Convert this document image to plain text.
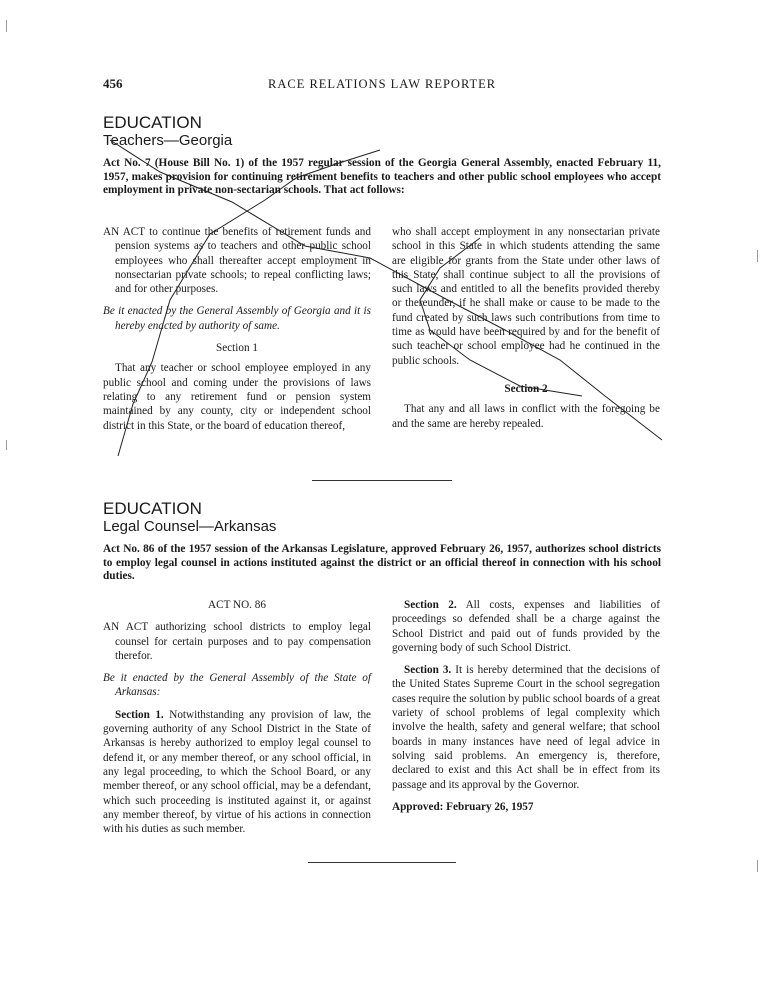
456	RACE RELATIONS LAW REPORTER
EDUCATION
Teachers—Georgia
Act No. 7 (House Bill No. 1) of the 1957 regular session of the Georgia General Assembly, enacted February 11, 1957, makes provision for continuing retirement benefits to teachers and other public school employees who accept employment in private non-sectarian schools. That act follows:

AN ACT to continue the benefits of retirement funds and pension systems as to teachers and other public school employees who shall thereafter accept employment in nonsectarian private schools; to repeal conflicting laws; and for other purposes.

Be it enacted by the General Assembly of Georgia and it is hereby enacted by authority of same.

Section 1

That any teacher or school employee employed in any public school and coming under the provisions of laws relating to any retirement fund or pension system maintained by any county, city or independent school district in this State, or the board of education thereof,

who shall accept employment in any nonsectarian private school in this State in which students attending the same are eligible for grants from the State under other laws of this State, shall continue subject to all the provisions of such laws and entitled to all the benefits provided thereby or thereunder, if he shall make or cause to be made to the fund created by such laws such contributions from time to time as would have been required by and for the benefit of such teacher or school employee had he continued in the public schools.

Section 2

That any and all laws in conflict with the foregoing be and the same are hereby repealed.

EDUCATION
Legal Counsel—Arkansas
Act No. 86 of the 1957 session of the Arkansas Legislature, approved February 26, 1957, authorizes school districts to employ legal counsel in actions instituted against the district or an official thereof in connection with his school duties.

ACT NO. 86

AN ACT authorizing school districts to employ legal counsel for certain purposes and to pay compensation therefor.

Be it enacted by the General Assembly of the State of Arkansas:

Section 1. Notwithstanding any provision of law, the governing authority of any School District in the State of Arkansas is hereby authorized to employ legal counsel to defend it, or any member thereof, or any school official, in any legal proceeding, to which the School Board, or any member thereof, or any school official, may be a defendant, which such proceeding is instituted against it, or against any member thereof, by virtue of his actions in connection with his duties as such member.

Section 2. All costs, expenses and liabilities of proceedings so defended shall be a charge against the School District and paid out of funds provided by the governing body of such School District.

Section 3. It is hereby determined that the decisions of the United States Supreme Court in the school segregation cases require the solution by public school boards of a great variety of school problems of legal complexity which involve the health, safety and general welfare; that school boards in many instances have need of legal advice in solving said problems. An emergency is, therefore, declared to exist and this Act shall be in effect from its passage and its approval by the Governor.

Approved: February 26, 1957
